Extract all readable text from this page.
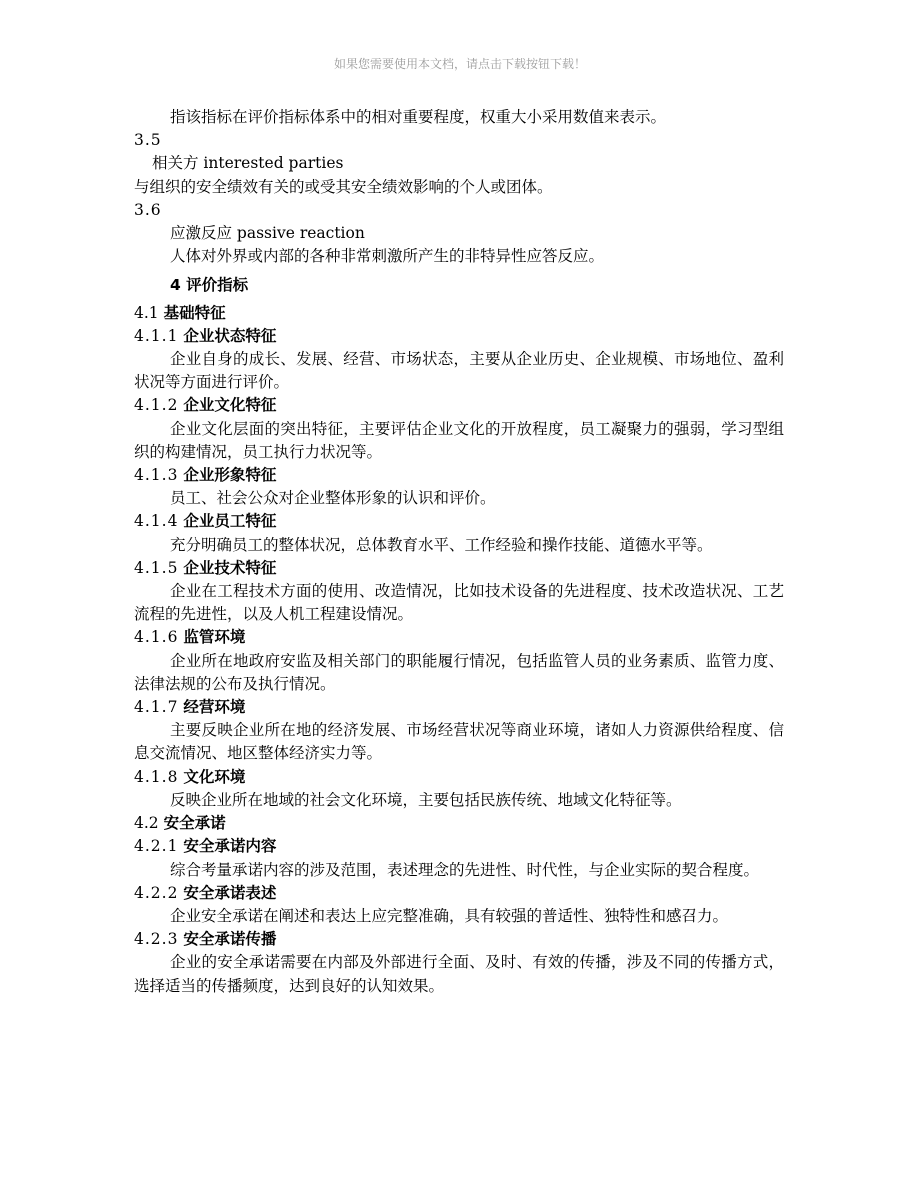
如果您需要使用本文档，请点击下载按钮下载！

指该指标在评价指标体系中的相对重要程度，权重大小采用数值来表示。

3.5

相关方 interested parties

与组织的安全绩效有关的或受其安全绩效影响的个人或团体。

3.6

应激反应 passive reaction

人体对外界或内部的各种非常刺激所产生的非特异性应答反应。

4 评价指标

4.1 基础特征

4.1.1 企业状态特征

企业自身的成长、发展、经营、市场状态，主要从企业历史、企业规模、市场地位、盈利状况等方面进行评价。

4.1.2 企业文化特征

企业文化层面的突出特征，主要评估企业文化的开放程度，员工凝聚力的强弱，学习型组织的构建情况，员工执行力状况等。

4.1.3 企业形象特征

员工、社会公众对企业整体形象的认识和评价。

4.1.4 企业员工特征

充分明确员工的整体状况，总体教育水平、工作经验和操作技能、道德水平等。

4.1.5 企业技术特征

企业在工程技术方面的使用、改造情况，比如技术设备的先进程度、技术改造状况、工艺流程的先进性，以及人机工程建设情况。

4.1.6 监管环境

企业所在地政府安监及相关部门的职能履行情况，包括监管人员的业务素质、监管力度、法律法规的公布及执行情况。

4.1.7 经营环境

主要反映企业所在地的经济发展、市场经营状况等商业环境，诸如人力资源供给程度、信息交流情况、地区整体经济实力等。

4.1.8 文化环境

反映企业所在地域的社会文化环境，主要包括民族传统、地域文化特征等。

4.2 安全承诺

4.2.1 安全承诺内容

综合考量承诺内容的涉及范围，表述理念的先进性、时代性，与企业实际的契合程度。

4.2.2 安全承诺表述

企业安全承诺在阐述和表达上应完整准确，具有较强的普适性、独特性和感召力。

4.2.3 安全承诺传播

企业的安全承诺需要在内部及外部进行全面、及时、有效的传播，涉及不同的传播方式，选择适当的传播频度，达到良好的认知效果。
